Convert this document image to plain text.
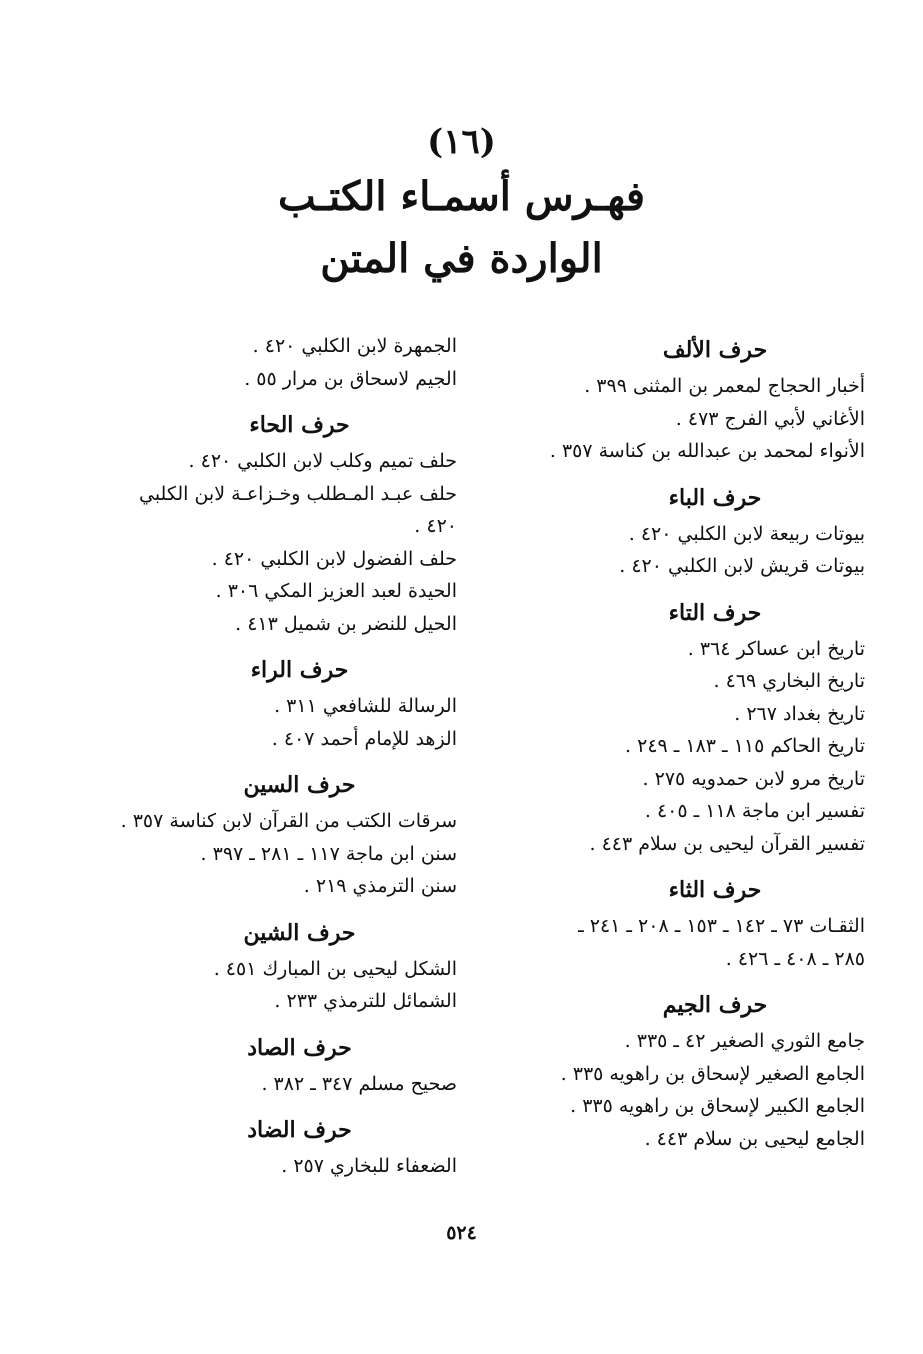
(١٦)

فهـرس أسمـاء الكتـب

الواردة في المتن

حرف الألف

أخبار الحجاج لمعمر بن المثنى ٣٩٩ .

الأغاني لأبي الفرج ٤٧٣ .

الأنواء لمحمد بن عبدالله بن كناسة ٣٥٧ .

حرف الباء

بيوتات ربيعة لابن الكلبي ٤٢٠ .

بيوتات قريش لابن الكلبي ٤٢٠ .

حرف التاء

تاريخ ابن عساكر ٣٦٤ .

تاريخ البخاري ٤٦٩ .

تاريخ بغداد ٢٦٧ .

تاريخ الحاكم ١١٥ ـ ١٨٣ ـ ٢٤٩ .

تاريخ مرو لابن حمدويه ٢٧٥ .

تفسير ابن ماجة ١١٨ ـ ٤٠٥ .

تفسير القرآن ليحيى بن سلام ٤٤٣ .

حرف الثاء

الثقـات ٧٣ ـ ١٤٢ ـ ١٥٣ ـ ٢٠٨ ـ ٢٤١ ـ

٢٨٥ ـ ٤٠٨ ـ ٤٢٦ .

حرف الجيم

جامع الثوري الصغير ٤٢ ـ ٣٣٥ .

الجامع الصغير لإسحاق بن راهويه ٣٣٥ .

الجامع الكبير لإسحاق بن راهويه ٣٣٥ .

الجامع ليحيى بن سلام ٤٤٣ .

الجمهرة لابن الكلبي ٤٢٠ .

الجيم لاسحاق بن مرار ٥٥ .

حرف الحاء

حلف تميم وكلب لابن الكلبي ٤٢٠ .

حلف عبـد المـطلب وخـزاعـة لابن الكلبي

٤٢٠ .

حلف الفضول لابن الكلبي ٤٢٠ .

الحيدة لعبد العزيز المكي ٣٠٦ .

الحيل للنضر بن شميل ٤١٣ .

حرف الراء

الرسالة للشافعي ٣١١ .

الزهد للإمام أحمد ٤٠٧ .

حرف السين

سرقات الكتب من القرآن لابن كناسة ٣٥٧ .

سنن ابن ماجة ١١٧ ـ ٢٨١ ـ ٣٩٧ .

سنن الترمذي ٢١٩ .

حرف الشين

الشكل ليحيى بن المبارك ٤٥١ .

الشمائل للترمذي ٢٣٣ .

حرف الصاد

صحيح مسلم ٣٤٧ ـ ٣٨٢ .

حرف الضاد

الضعفاء للبخاري ٢٥٧ .

٥٢٤
